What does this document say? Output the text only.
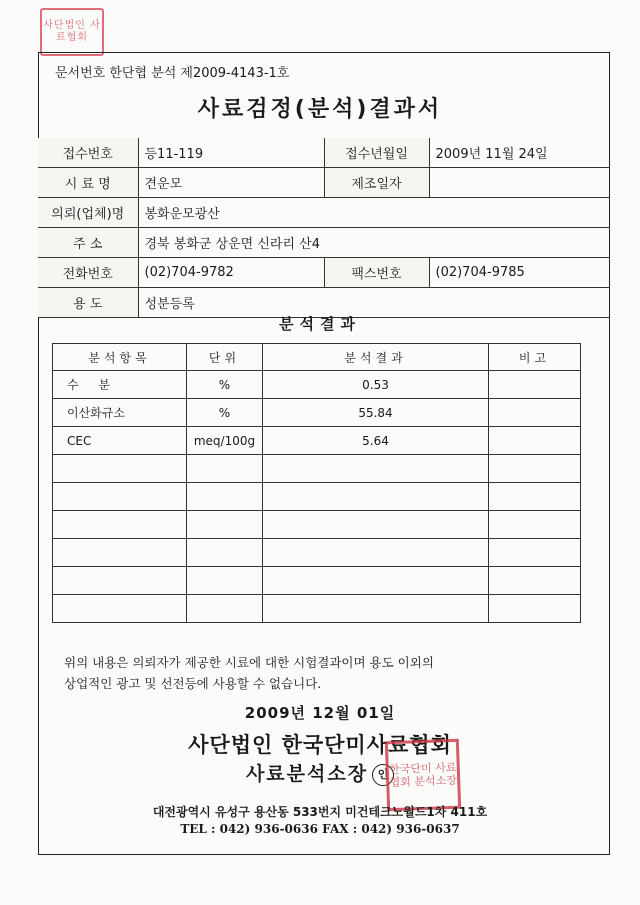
사단법인 사료협회
문서번호 한단협 분석 제2009-4143-1호
사료검정(분석)결과서
접수번호	등11-119	접수년월일	2009년 11월 24일
시 료 명	견운모	제조일자	
의뢰(업체)명	봉화운모광산		
주 소	경북 봉화군 상운면 신라리 산4		
전화번호	(02)704-9782	팩스번호	(02)704-9785
용 도	성분등록		
분석결과
분석항목	단위	분석결과	비고
수 분	%	0.53	
이산화규소	%	55.84	
CEC	meq/100g	5.64	

위의 내용은 의뢰자가 제공한 시료에 대한 시험결과이며 용도 이외의
상업적인 광고 및 선전등에 사용할 수 없습니다.
2009년 12월 01일
사단법인 한국단미사료협회
사료분석소장 인 한국단미 사료협회 분석소장
대전광역시 유성구 용산동 533번지 미건테크노월드1차 411호
TEL : 042) 936-0636 FAX : 042) 936-0637
